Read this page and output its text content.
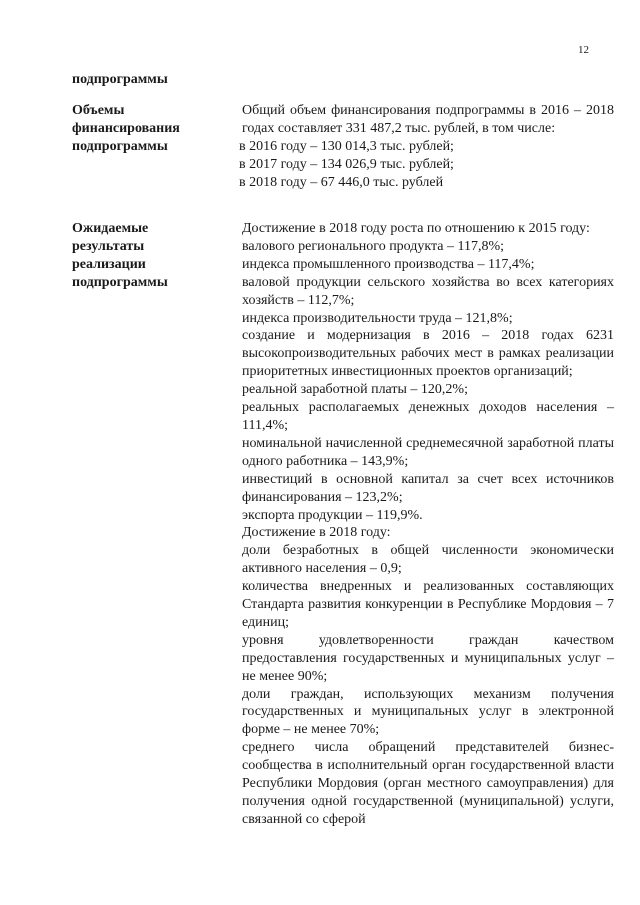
12
подпрограммы
Объемы
финансирования
подпрограммы

Общий объем финансирования подпрограммы в 2016 – 2018 годах составляет 331 487,2 тыс. рублей, в том числе:

в 2016 году – 130 014,3 тыс. рублей;

в 2017 году – 134 026,9 тыс. рублей;

в 2018 году – 67 446,0 тыс. рублей

Ожидаемые
результаты
реализации
подпрограммы

Достижение в 2018 году роста по отношению к 2015 году:

валового регионального продукта – 117,8%;

индекса промышленного производства – 117,4%;

валовой продукции сельского хозяйства во всех категориях хозяйств – 112,7%;

индекса производительности труда – 121,8%;

создание и модернизация в 2016 – 2018 годах 6231 высокопроизводительных рабочих мест в рамках реализации приоритетных инвестиционных проектов организаций;

реальной заработной платы – 120,2%;

реальных располагаемых денежных доходов населения – 111,4%;

номинальной начисленной среднемесячной заработной платы одного работника – 143,9%;

инвестиций в основной капитал за счет всех источников финансирования – 123,2%;

экспорта продукции – 119,9%.

Достижение в 2018 году:

доли безработных в общей численности экономически активного населения – 0,9;

количества внедренных и реализованных составляющих Стандарта развития конкуренции в Республике Мордовия – 7 единиц;

уровня удовлетворенности граждан качеством предоставления государственных и муниципальных услуг – не менее 90%;

доли граждан, использующих механизм получения государственных и муниципальных услуг в электронной форме – не менее 70%;

среднего числа обращений представителей бизнес-сообщества в исполнительный орган государственной власти Республики Мордовия (орган местного самоуправления) для получения одной государственной (муниципальной) услуги, связанной со сферой
